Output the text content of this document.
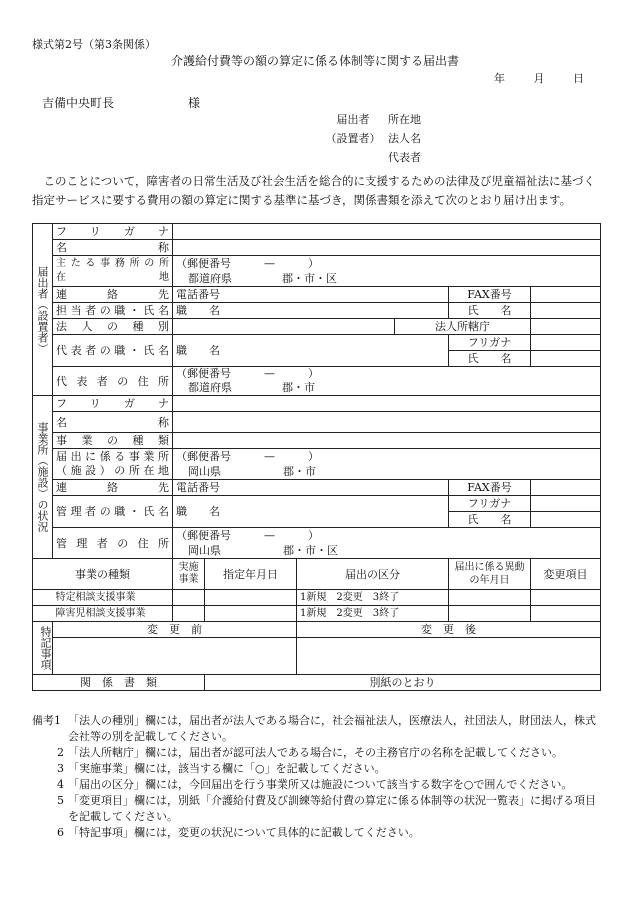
様式第2号（第3条関係）
介護給付費等の額の算定に係る体制等に関する届出書
年	月	日
吉備中央町長	様
届出者	所在地
（設置者） 法人名
代表者
このことについて，障害者の日常生活及び社会生活を総合的に支援するための法律及び児童福祉法に基づく指定サービスに要する費用の額の算定に関する基準に基づき，関係書類を添えて次のとおり届け出ます。
届出者（設置者）	フリガナ						
	名称						

	主たる事務所の所
在地	（郵便番号　　　—　　　）					
		都道府県 郡・市・区					
	連絡先	電話番号				FAX番号	
	担当者の職・氏名	職　　名				氏　　名	
	法人の種別				法人所轄庁		
	代表者の職・氏名	職　　名				フリガナ	
						氏　　名	
	代表者の住所	（郵便番号　　　—　　　）
都道府県 郡・市					

事業所（施設）の状況	フリガナ						
	名称						
	事業の種類						

	届出に係る事業所
（施設）の所在地	（郵便番号　　　—　　　）					
		岡山県 郡・市					
	連絡先	電話番号				FAX番号	
	管理者の職・氏名	職　　名				フリガナ	
						氏　　名	
	管理者の住所	（郵便番号　　　—　　　）					
		岡山県 郡・市・区					
事業の種類		実施事業	指定年月日	届出の区分		届出に係る異動の年月日	変更項目
	特定相談支援事業			1新規　2変更　3終了			
	障害児相談支援事業			1新規　2変更　3終了			
特記事項	変　更　前			変　更　後			

関　係　書　類			別紙のとおり				
備考1 「法人の種別」欄には，届出者が法人である場合に，社会福祉法人，医療法人，社団法人，財団法人，株式会社等の別を記載してください。
2 「法人所轄庁」欄には，届出者が認可法人である場合に，その主務官庁の名称を記載してください。
3 「実施事業」欄には，該当する欄に「○」を記載してください。
4 「届出の区分」欄には，今回届出を行う事業所又は施設について該当する数字を○で囲んでください。
5 「変更項目」欄には，別紙「介護給付費及び訓練等給付費の算定に係る体制等の状況一覧表」に掲げる項目を記載してください。
6 「特記事項」欄には，変更の状況について具体的に記載してください。
